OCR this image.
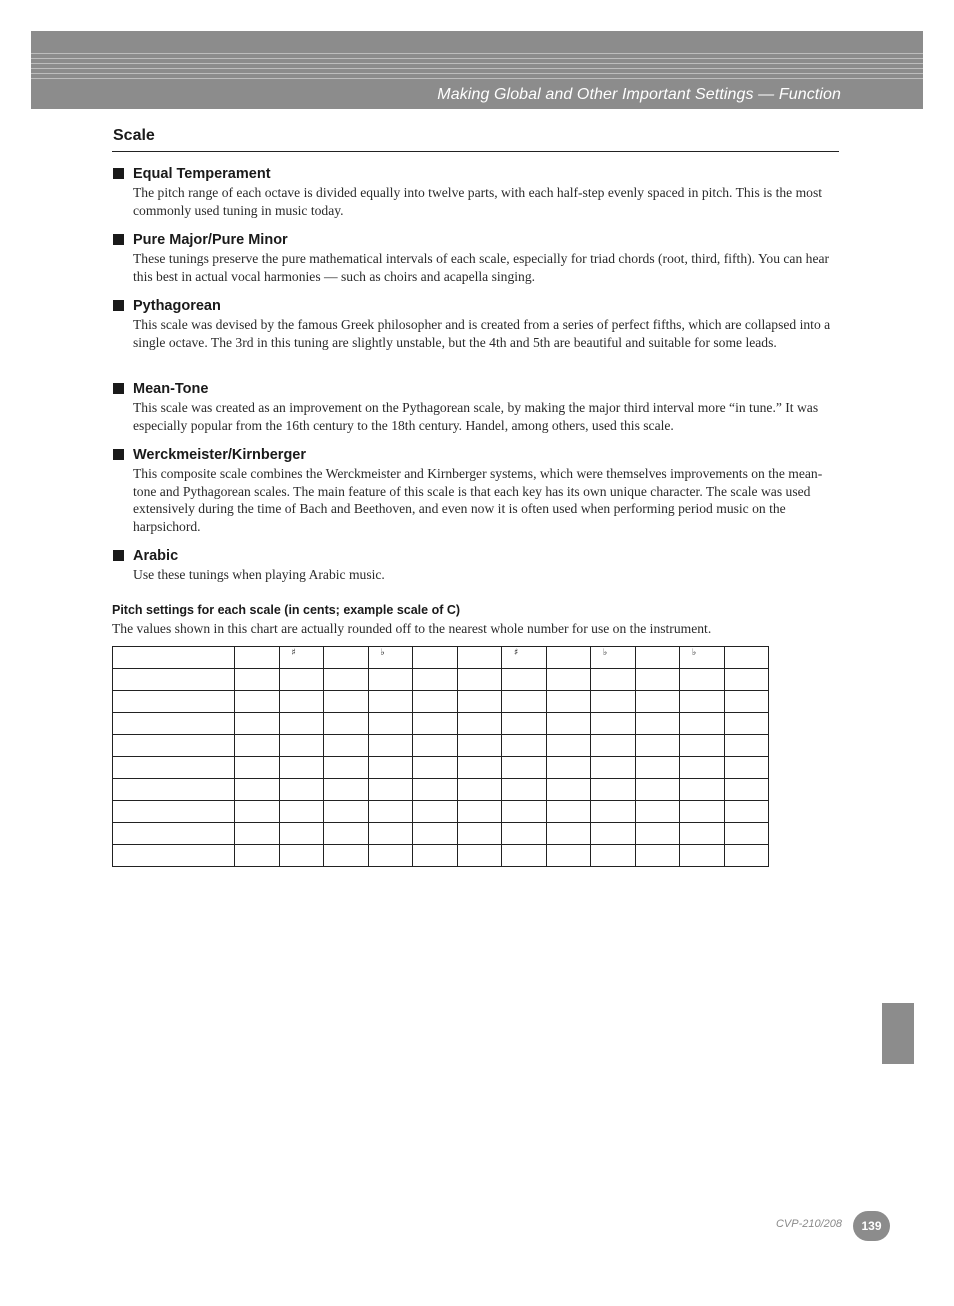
Making Global and Other Important Settings — Function
Scale
Equal Temperament
The pitch range of each octave is divided equally into twelve parts, with each half-step evenly spaced in pitch. This is the most commonly used tuning in music today.
Pure Major/Pure Minor
These tunings preserve the pure mathematical intervals of each scale, especially for triad chords (root, third, fifth). You can hear this best in actual vocal harmonies — such as choirs and acapella singing.
Pythagorean
This scale was devised by the famous Greek philosopher and is created from a series of perfect fifths, which are collapsed into a single octave. The 3rd in this tuning are slightly unstable, but the 4th and 5th are beautiful and suitable for some leads.
Mean-Tone
This scale was created as an improvement on the Pythagorean scale, by making the major third interval more “in tune.” It was especially popular from the 16th century to the 18th century. Handel, among others, used this scale.
Werckmeister/Kirnberger
This composite scale combines the Werckmeister and Kirnberger systems, which were themselves improvements on the mean-tone and Pythagorean scales. The main feature of this scale is that each key has its own unique character. The scale was used extensively during the time of Bach and Beethoven, and even now it is often used when performing period music on the harpsichord.
Arabic
Use these tunings when playing Arabic music.
Pitch settings for each scale (in cents; example scale of C)
The values shown in this chart are actually rounded off to the nearest whole number for use on the instrument.
		♯		♭			♯		♭		♭	

CVP-210/208	139
